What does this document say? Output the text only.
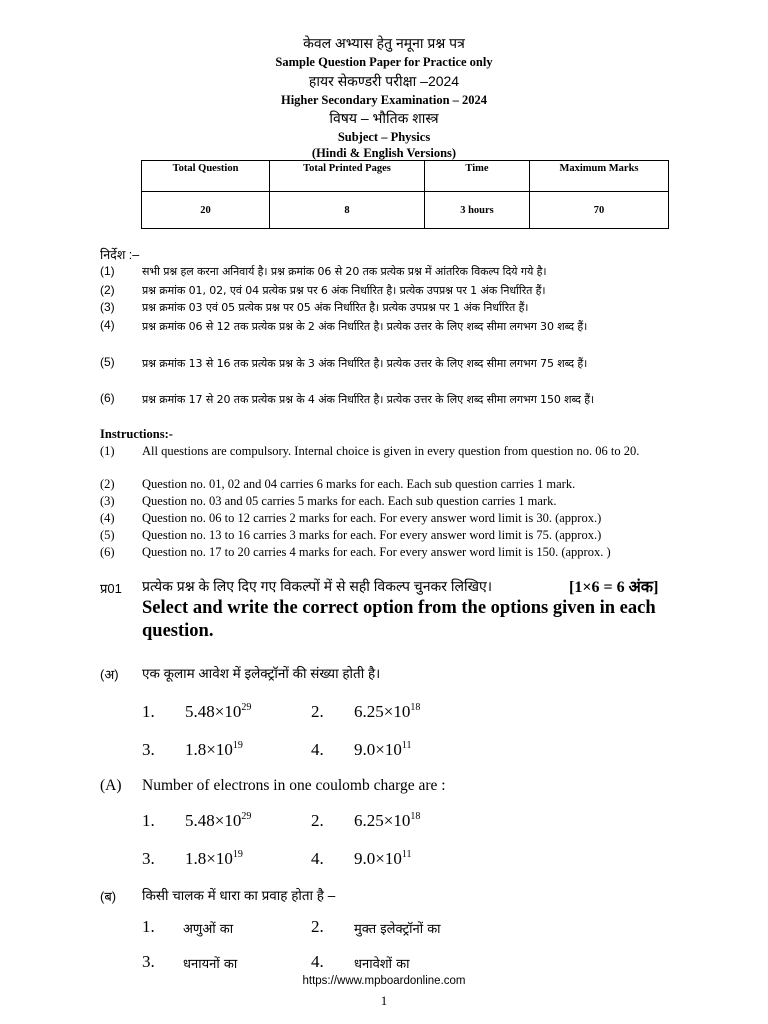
केवल अभ्यास हेतु नमूना प्रश्न पत्र
Sample Question Paper for Practice only
हायर सेकण्डरी परीक्षा –2024
Higher Secondary Examination – 2024
विषय – भौतिक शास्त्र
Subject – Physics
(Hindi & English Versions)
Total Question	Total Printed Pages	Time	Maximum Marks
20	8	3 hours	70
निर्देश :–
(1) सभी प्रश्न हल करना अनिवार्य है। प्रश्न क्रमांक 06 से 20 तक प्रत्येक प्रश्न में आंतरिक विकल्प दिये गये है।
(2) प्रश्न क्रमांक 01, 02, एवं 04 प्रत्येक प्रश्न पर 6 अंक निर्धारित है। प्रत्येक उपप्रश्न पर 1 अंक निर्धारित हैं।
(3) प्रश्न क्रमांक 03 एवं 05 प्रत्येक प्रश्न पर 05 अंक निर्धारित है। प्रत्येक उपप्रश्न पर 1 अंक निर्धारित हैं।
(4) प्रश्न क्रमांक 06 से 12 तक प्रत्येक प्रश्न के 2 अंक निर्धारित है। प्रत्येक उत्तर के लिए शब्द सीमा लगभग 30 शब्द हैं।
(5) प्रश्न क्रमांक 13 से 16 तक प्रत्येक प्रश्न के 3 अंक निर्धारित है। प्रत्येक उत्तर के लिए शब्द सीमा लगभग 75 शब्द हैं।
(6) प्रश्न क्रमांक 17 से 20 तक प्रत्येक प्रश्न के 4 अंक निर्धारित है। प्रत्येक उत्तर के लिए शब्द सीमा लगभग 150 शब्द हैं।
Instructions:-
(1) All questions are compulsory. Internal choice is given in every question from question no. 06 to 20.
(2) Question no. 01, 02 and 04 carries 6 marks for each. Each sub question carries 1 mark.
(3) Question no. 03 and 05 carries 5 marks for each. Each sub question carries 1 mark.
(4) Question no. 06 to 12 carries 2 marks for each. For every answer word limit is 30. (approx.)
(5) Question no. 13 to 16 carries 3 marks for each. For every answer word limit is 75. (approx.)
(6) Question no. 17 to 20 carries 4 marks for each. For every answer word limit is 150. (approx. )
प्र01 प्रत्येक प्रश्न के लिए दिए गए विकल्पों में से सही विकल्प चुनकर लिखिए।	[1×6 = 6 अंक]
Select and write the correct option from the options given in each
question.
(अ) एक कूलाम आवेश में इलेक्ट्रॉनों की संख्या होती है।
1. $5.48\times 10^{29}$	2. $6.25\times 10^{18}$
3. $1.8\times 10^{19}$	4. $9.0\times 10^{11}$
(A) Number of electrons in one coulomb charge are :
1. $5.48\times 10^{29}$	2. $6.25\times 10^{18}$
3. $1.8\times 10^{19}$	4. $9.0\times 10^{11}$
(ब) किसी चालक में धारा का प्रवाह होता है –
1. अणुओं का	2. मुक्त इलेक्ट्रॉनों का
3. धनायनों का	4. धनावेशों का
https://www.mpboardonline.com
1
